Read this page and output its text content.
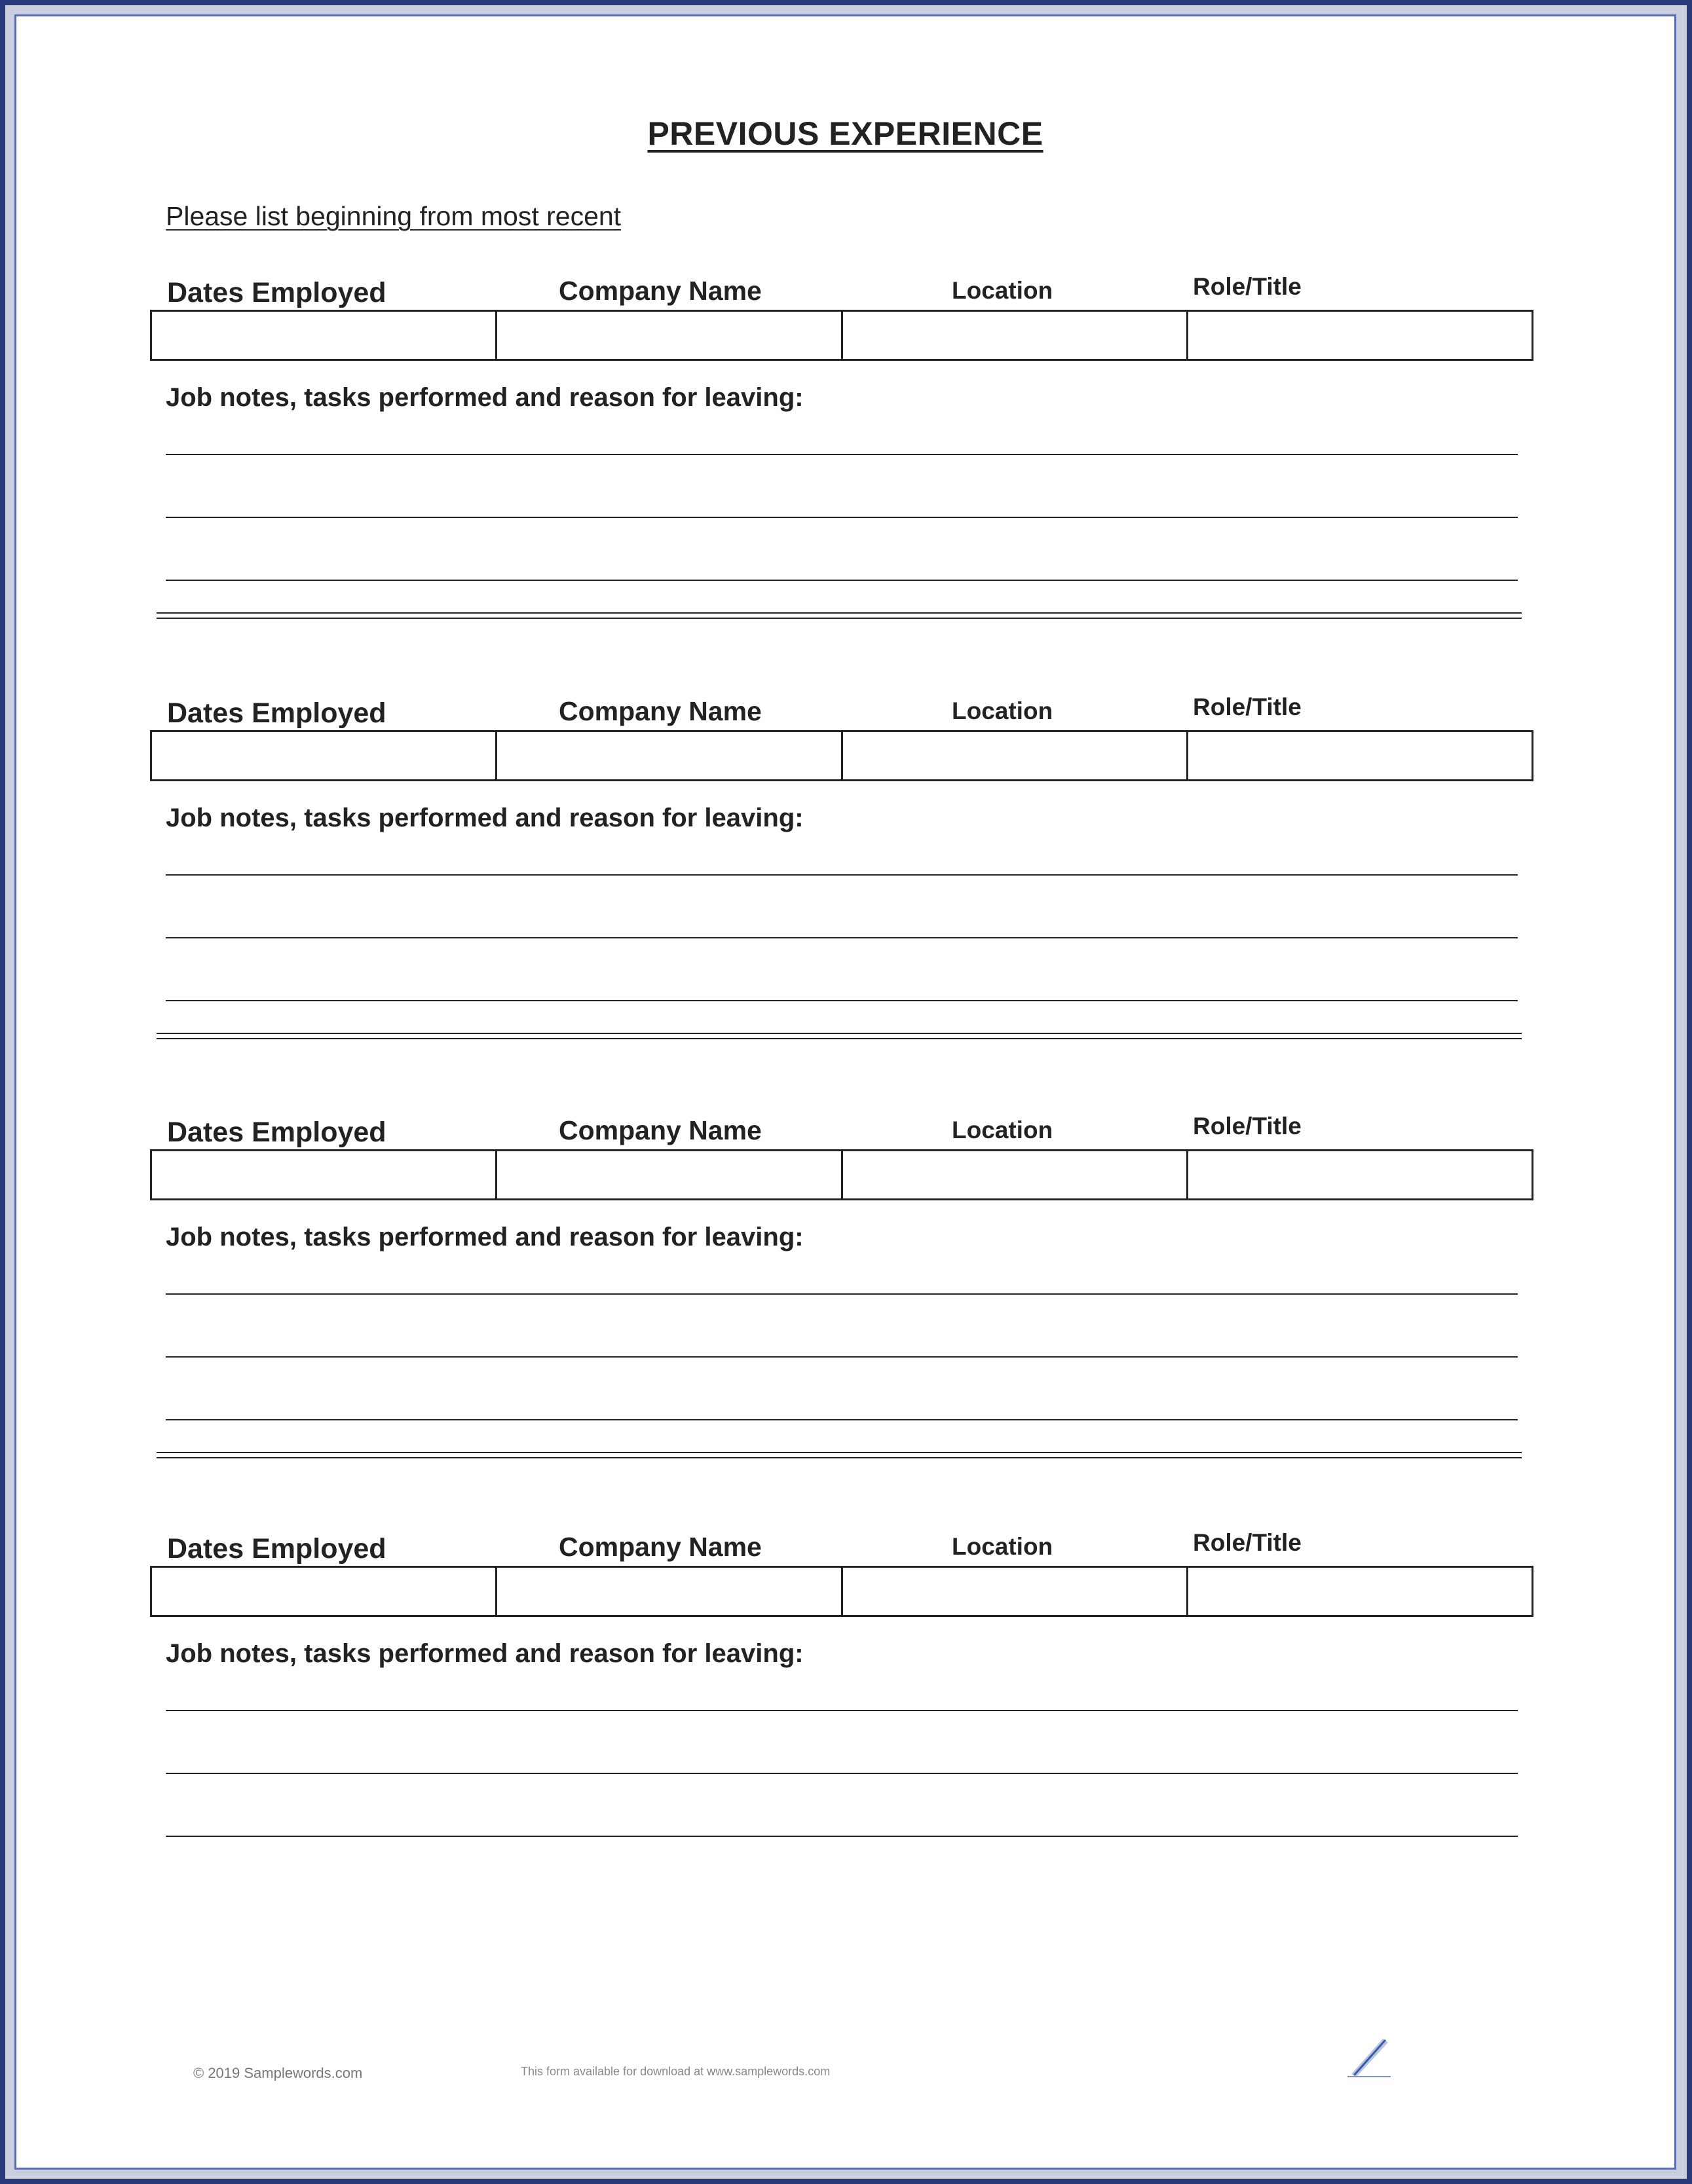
PREVIOUS EXPERIENCE
Please list beginning from most recent
Dates Employed	Company Name	Location	Role/Title
Job notes, tasks performed and reason for leaving:
Dates Employed	Company Name	Location	Role/Title
Job notes, tasks performed and reason for leaving:
Dates Employed	Company Name	Location	Role/Title
Job notes, tasks performed and reason for leaving:
Dates Employed	Company Name	Location	Role/Title
Job notes, tasks performed and reason for leaving:
© 2019 Samplewords.com	This form available for download at www.samplewords.com
